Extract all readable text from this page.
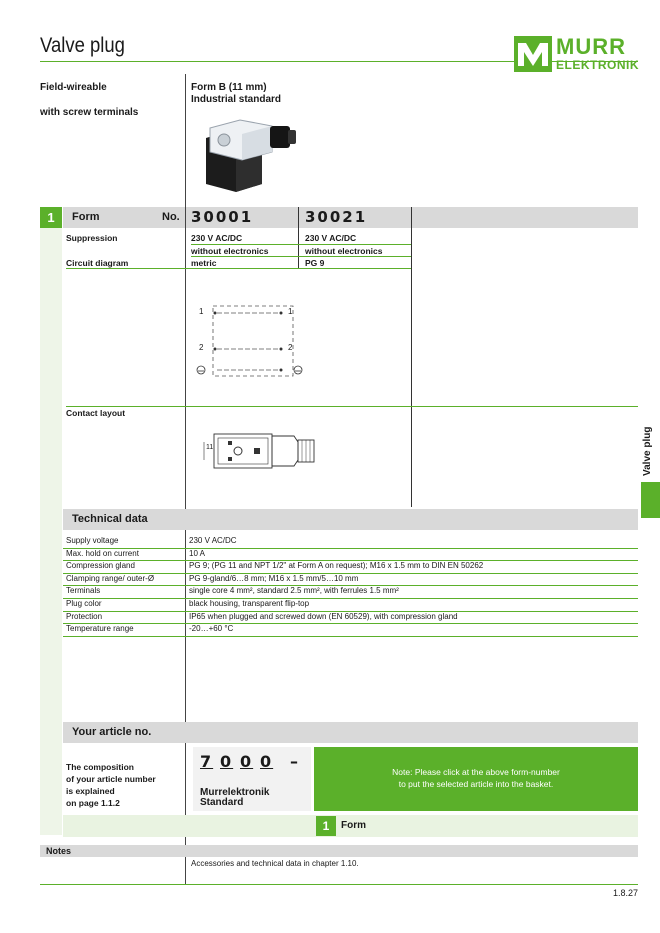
Valve plug	MURR
ELEKTRONIK
Field-wireable
with screw terminals
Form B (11 mm)
Industrial standard
1	Form	No. 30001	30021
Suppression	230 V AC/DC	230 V AC/DC
without electronics	without electronics
Circuit diagram	metric	PG 9
1
2
1
2
Contact layout
11	Valve plug
Technical data
Supply voltage	230 V AC/DC
Max. hold on current	10 A
Compression gland	PG 9; (PG 11 and NPT 1/2" at Form A on request); M16 x 1.5 mm to DIN EN 50262
Clamping range/ outer-Ø	PG 9-gland/6…8 mm; M16 x 1.5 mm/5…10 mm
Terminals	single core 4 mm², standard 2.5 mm², with ferrules 1.5 mm²
Plug color	black housing, transparent flip-top
Protection	IP65 when plugged and screwed down (EN 60529), with compression gland
Temperature range	-20…+60 °C
Your article no.
The composition
of your article number
is explained
on page 1.1.2
7 0 0 0 –
Murrelektronik
Standard
Note: Please click at the above form-number
to put the selected article into the basket.
1	Form
Notes
Accessories and technical data in chapter 1.10.
1.8.27
